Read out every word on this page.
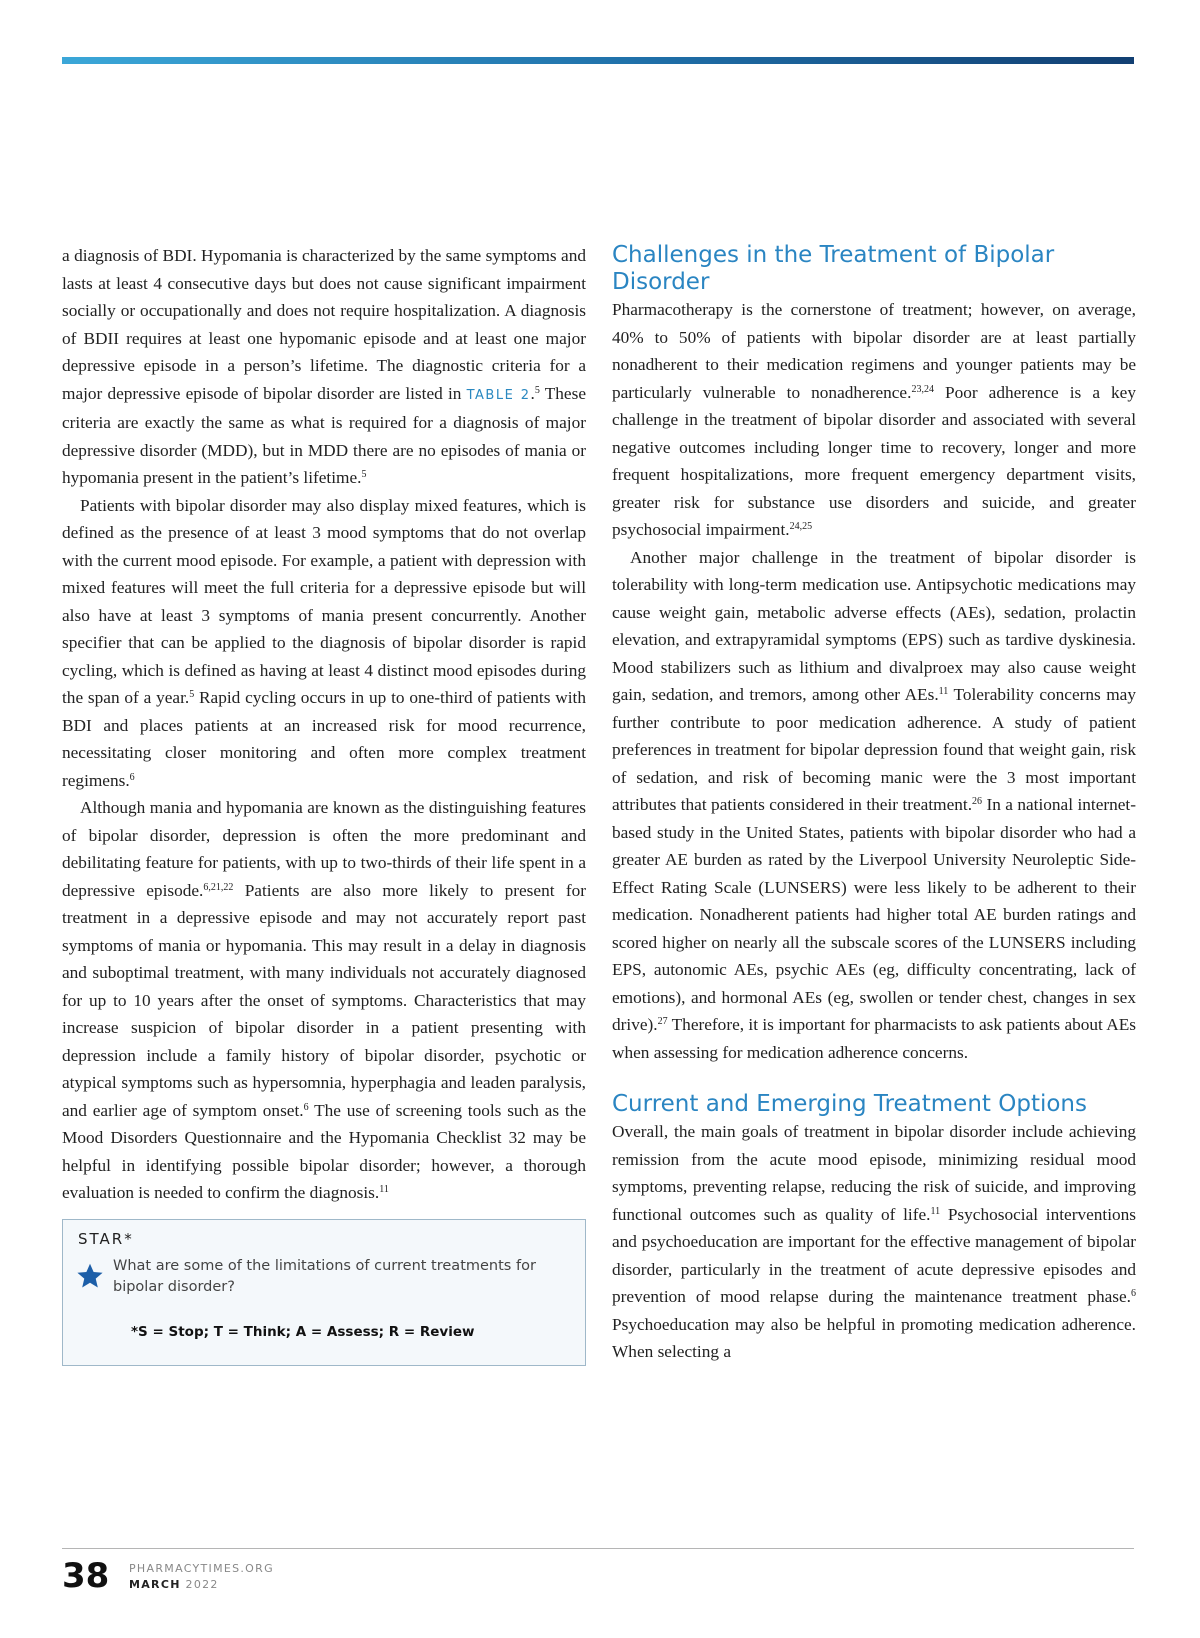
a diagnosis of BDI. Hypomania is characterized by the same symptoms and lasts at least 4 consecutive days but does not cause significant impairment socially or occupationally and does not require hospitalization. A diagnosis of BDII requires at least one hypomanic episode and at least one major depressive episode in a person’s lifetime. The diagnostic criteria for a major depressive episode of bipolar disorder are listed in TABLE 2.$^5$ These criteria are exactly the same as what is required for a diagnosis of major depressive disorder (MDD), but in MDD there are no episodes of mania or hypomania present in the patient’s lifetime.$^5$

Patients with bipolar disorder may also display mixed features, which is defined as the presence of at least 3 mood symptoms that do not overlap with the current mood episode. For example, a patient with depression with mixed features will meet the full criteria for a depressive episode but will also have at least 3 symptoms of mania present concurrently. Another specifier that can be applied to the diagnosis of bipolar disorder is rapid cycling, which is defined as having at least 4 distinct mood episodes during the span of a year.$^5$ Rapid cycling occurs in up to one-third of patients with BDI and places patients at an increased risk for mood recurrence, necessitating closer monitoring and often more complex treatment regimens.$^6$

Although mania and hypomania are known as the distinguishing features of bipolar disorder, depression is often the more predominant and debilitating feature for patients, with up to two-thirds of their life spent in a depressive episode.$^{6,21,22}$ Patients are also more likely to present for treatment in a depressive episode and may not accurately report past symptoms of mania or hypomania. This may result in a delay in diagnosis and suboptimal treatment, with many individuals not accurately diagnosed for up to 10 years after the onset of symptoms. Characteristics that may increase suspicion of bipolar disorder in a patient presenting with depression include a family history of bipolar disorder, psychotic or atypical symptoms such as hypersomnia, hyperphagia and leaden paralysis, and earlier age of symptom onset.$^6$ The use of screening tools such as the Mood Disorders Questionnaire and the Hypomania Checklist 32 may be helpful in identifying possible bipolar disorder; however, a thorough evaluation is needed to confirm the diagnosis.$^{11}$

STAR*
What are some of the limitations of current treatments for bipolar disorder?
*S = Stop; T = Think; A = Assess; R = Review
Challenges in the Treatment of Bipolar Disorder

Pharmacotherapy is the cornerstone of treatment; however, on average, 40% to 50% of patients with bipolar disorder are at least partially nonadherent to their medication regimens and younger patients may be particularly vulnerable to nonadherence.$^{23,24}$ Poor adherence is a key challenge in the treatment of bipolar disorder and associated with several negative outcomes including longer time to recovery, longer and more frequent hospitalizations, more frequent emergency department visits, greater risk for substance use disorders and suicide, and greater psychosocial impairment.$^{24,25}$

Another major challenge in the treatment of bipolar disorder is tolerability with long-term medication use. Antipsychotic medications may cause weight gain, metabolic adverse effects (AEs), sedation, prolactin elevation, and extrapyramidal symptoms (EPS) such as tardive dyskinesia. Mood stabilizers such as lithium and divalproex may also cause weight gain, sedation, and tremors, among other AEs.$^{11}$ Tolerability concerns may further contribute to poor medication adherence. A study of patient preferences in treatment for bipolar depression found that weight gain, risk of sedation, and risk of becoming manic were the 3 most important attributes that patients considered in their treatment.$^{26}$ In a national internet-based study in the United States, patients with bipolar disorder who had a greater AE burden as rated by the Liverpool University Neuroleptic Side-Effect Rating Scale (LUNSERS) were less likely to be adherent to their medication. Nonadherent patients had higher total AE burden ratings and scored higher on nearly all the subscale scores of the LUNSERS including EPS, autonomic AEs, psychic AEs (eg, difficulty concentrating, lack of emotions), and hormonal AEs (eg, swollen or tender chest, changes in sex drive).$^{27}$ Therefore, it is important for pharmacists to ask patients about AEs when assessing for medication adherence concerns.

Current and Emerging Treatment Options

Overall, the main goals of treatment in bipolar disorder include achieving remission from the acute mood episode, minimizing residual mood symptoms, preventing relapse, reducing the risk of suicide, and improving functional outcomes such as quality of life.$^{11}$ Psychosocial interventions and psychoeducation are important for the effective management of bipolar disorder, particularly in the treatment of acute depressive episodes and prevention of mood relapse during the maintenance treatment phase.$^6$ Psychoeducation may also be helpful in promoting medication adherence. When selecting a

38 PHARMACYTIMES.ORG
MARCH 2022
